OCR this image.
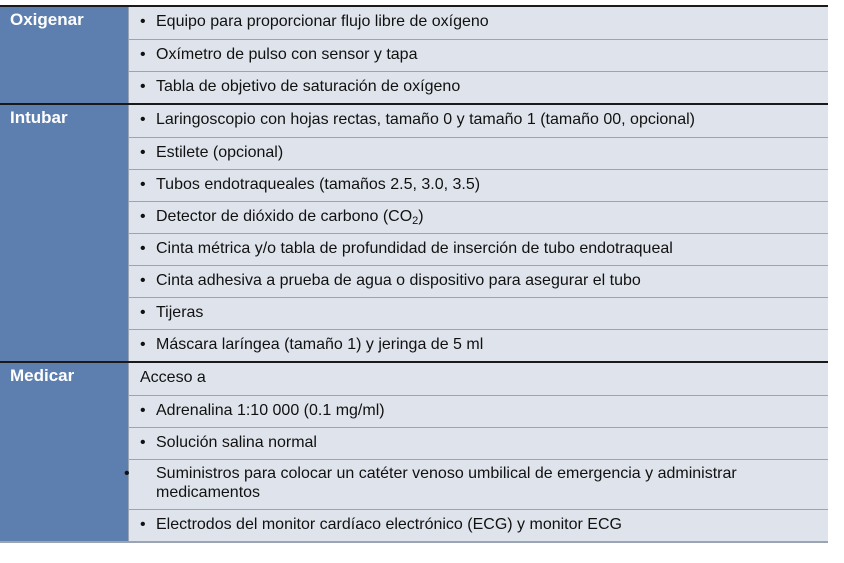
Oxigenar	• Equipo para proporcionar flujo libre de oxígeno
• Oxímetro de pulso con sensor y tapa
• Tabla de objetivo de saturación de oxígeno
Intubar	• Laringoscopio con hojas rectas, tamaño 0 y tamaño 1 (tamaño 00, opcional)
• Estilete (opcional)
• Tubos endotraqueales (tamaños 2.5, 3.0, 3.5)
• Detector de dióxido de carbono $(CO_2)$
• Cinta métrica y/o tabla de profundidad de inserción de tubo endotraqueal
• Cinta adhesiva a prueba de agua o dispositivo para asegurar el tubo
• Tijeras
• Máscara laríngea (tamaño 1) y jeringa de 5 ml
Medicar	Acceso a
• Adrenalina 1:10 000 (0.1 mg/ml)
• Solución salina normal
• Suministros para colocar un catéter venoso umbilical de emergencia y administrar medicamentos
• Electrodos del monitor cardíaco electrónico (ECG) y monitor ECG
